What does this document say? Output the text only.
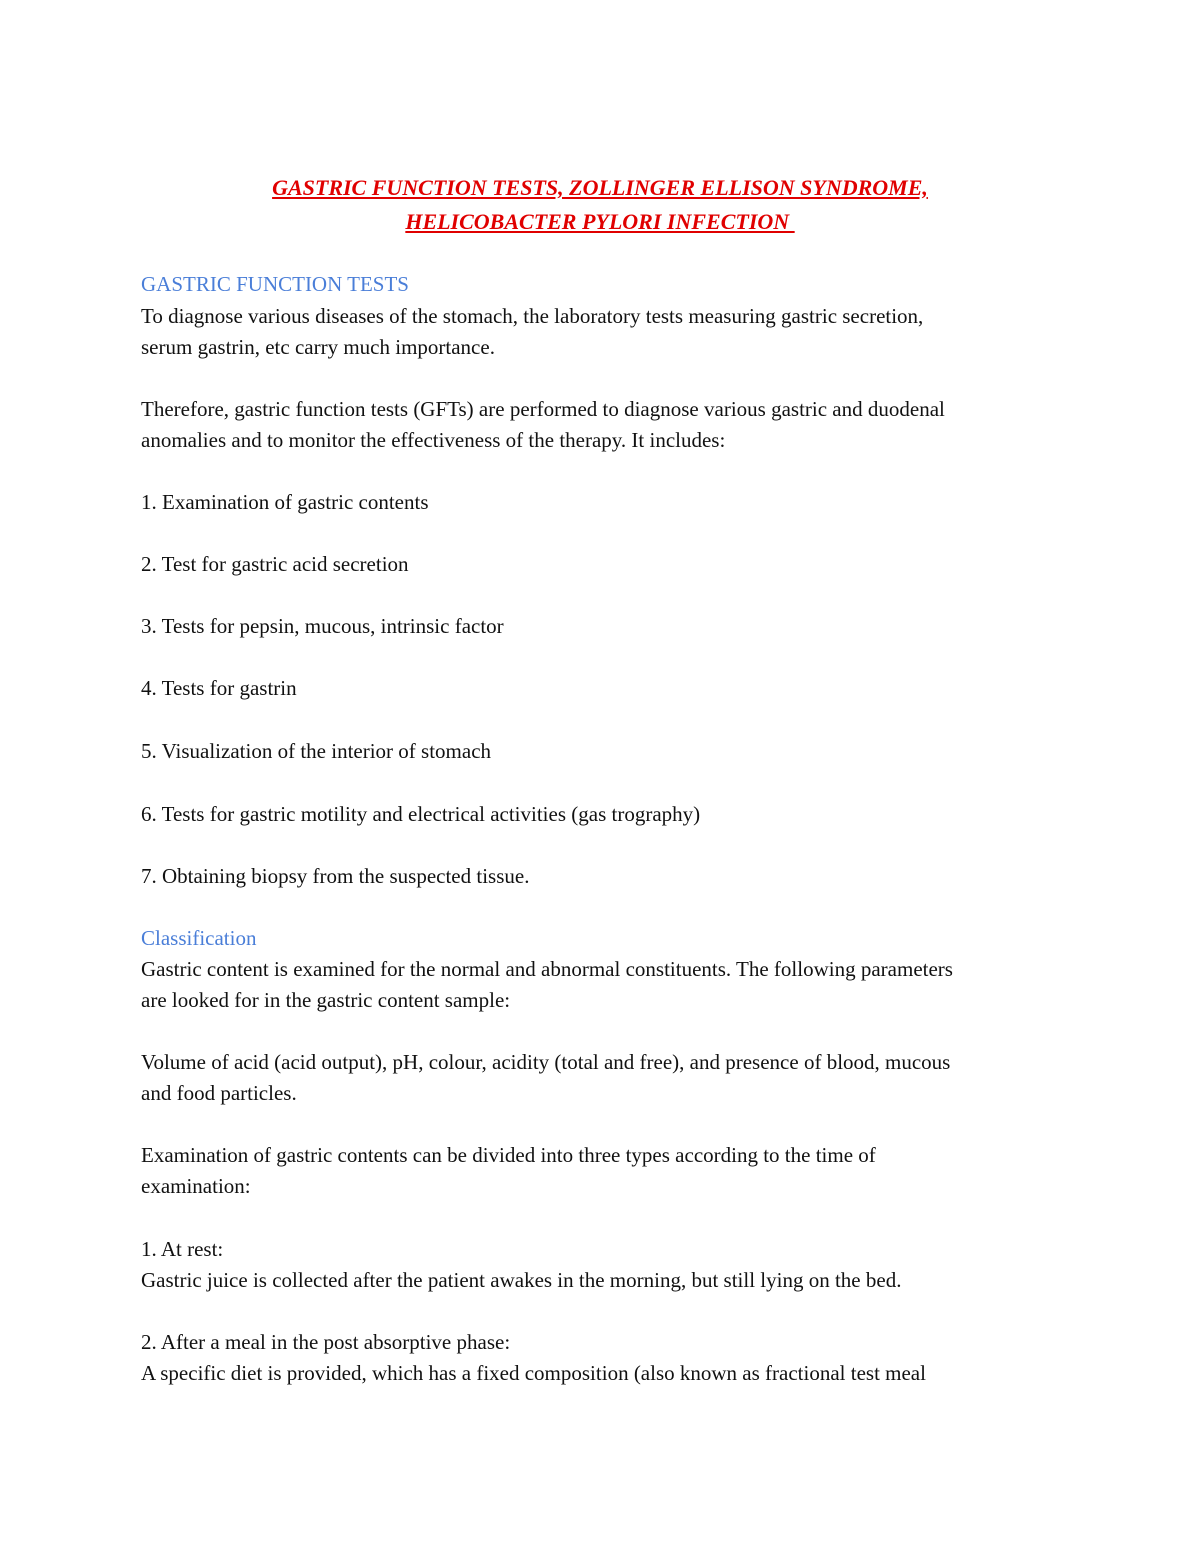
GASTRIC FUNCTION TESTS, ZOLLINGER ELLISON SYNDROME,
HELICOBACTER PYLORI INFECTION
GASTRIC FUNCTION TESTS
To diagnose various diseases of the stomach, the laboratory tests measuring gastric secretion,
serum gastrin, etc carry much importance.
Therefore, gastric function tests (GFTs) are performed to diagnose various gastric and duodenal
anomalies and to monitor the effectiveness of the therapy. It includes:
1. Examination of gastric contents
2. Test for gastric acid secretion
3. Tests for pepsin, mucous, intrinsic factor
4. Tests for gastrin
5. Visualization of the interior of stomach
6. Tests for gastric motility and electrical activities (gas trography)
7. Obtaining biopsy from the suspected tissue.
Classification
Gastric content is examined for the normal and abnormal constituents. The following parameters
are looked for in the gastric content sample:
Volume of acid (acid output), pH, colour, acidity (total and free), and presence of blood, mucous
and food particles.
Examination of gastric contents can be divided into three types according to the time of
examination:
1. At rest:
Gastric juice is collected after the patient awakes in the morning, but still lying on the bed.
2. After a meal in the post absorptive phase:
A specific diet is provided, which has a fixed composition (also known as fractional test meal
